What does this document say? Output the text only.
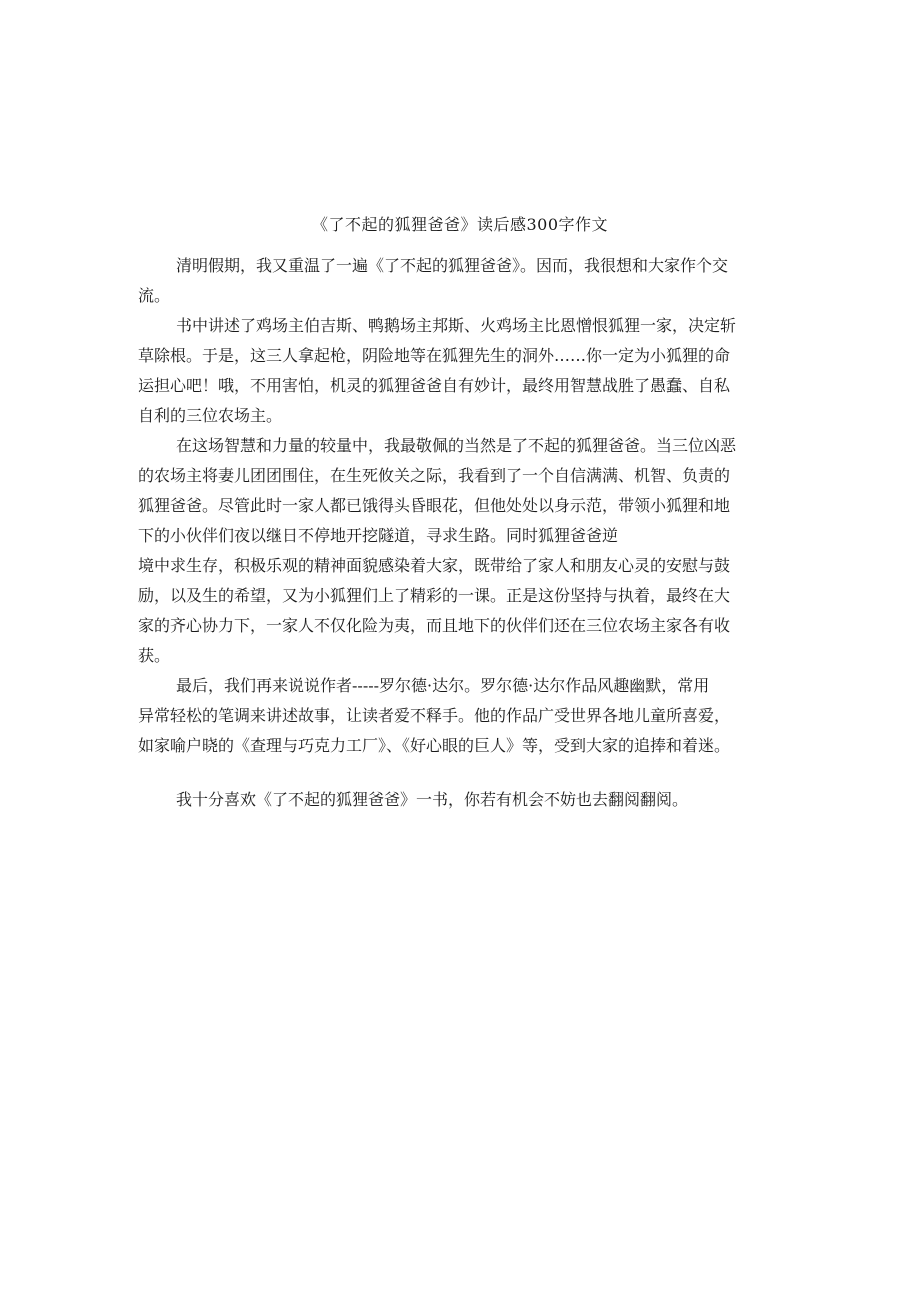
《了不起的狐狸爸爸》读后感300字作文
清明假期，我又重温了一遍《了不起的狐狸爸爸》。因而，我很想和大家作个交
流。
书中讲述了鸡场主伯吉斯、鸭鹅场主邦斯、火鸡场主比恩憎恨狐狸一家，决定斩
草除根。于是，这三人拿起枪，阴险地等在狐狸先生的洞外……你一定为小狐狸的命
运担心吧！哦，不用害怕，机灵的狐狸爸爸自有妙计，最终用智慧战胜了愚蠢、自私
自利的三位农场主。
在这场智慧和力量的较量中，我最敬佩的当然是了不起的狐狸爸爸。当三位凶恶
的农场主将妻儿团团围住，在生死攸关之际，我看到了一个自信满满、机智、负责的
狐狸爸爸。尽管此时一家人都已饿得头昏眼花，但他处处以身示范，带领小狐狸和地
下的小伙伴们夜以继日不停地开挖隧道，寻求生路。同时狐狸爸爸逆
境中求生存，积极乐观的精神面貌感染着大家，既带给了家人和朋友心灵的安慰与鼓
励，以及生的希望，又为小狐狸们上了精彩的一课。正是这份坚持与执着，最终在大
家的齐心协力下，一家人不仅化险为夷，而且地下的伙伴们还在三位农场主家各有收
获。
最后，我们再来说说作者-----罗尔德·达尔。罗尔德·达尔作品风趣幽默，常用
异常轻松的笔调来讲述故事，让读者爱不释手。他的作品广受世界各地儿童所喜爱，
如家喻户晓的《查理与巧克力工厂》、《好心眼的巨人》等，受到大家的追捧和着迷。
我十分喜欢《了不起的狐狸爸爸》一书，你若有机会不妨也去翻阅翻阅。
